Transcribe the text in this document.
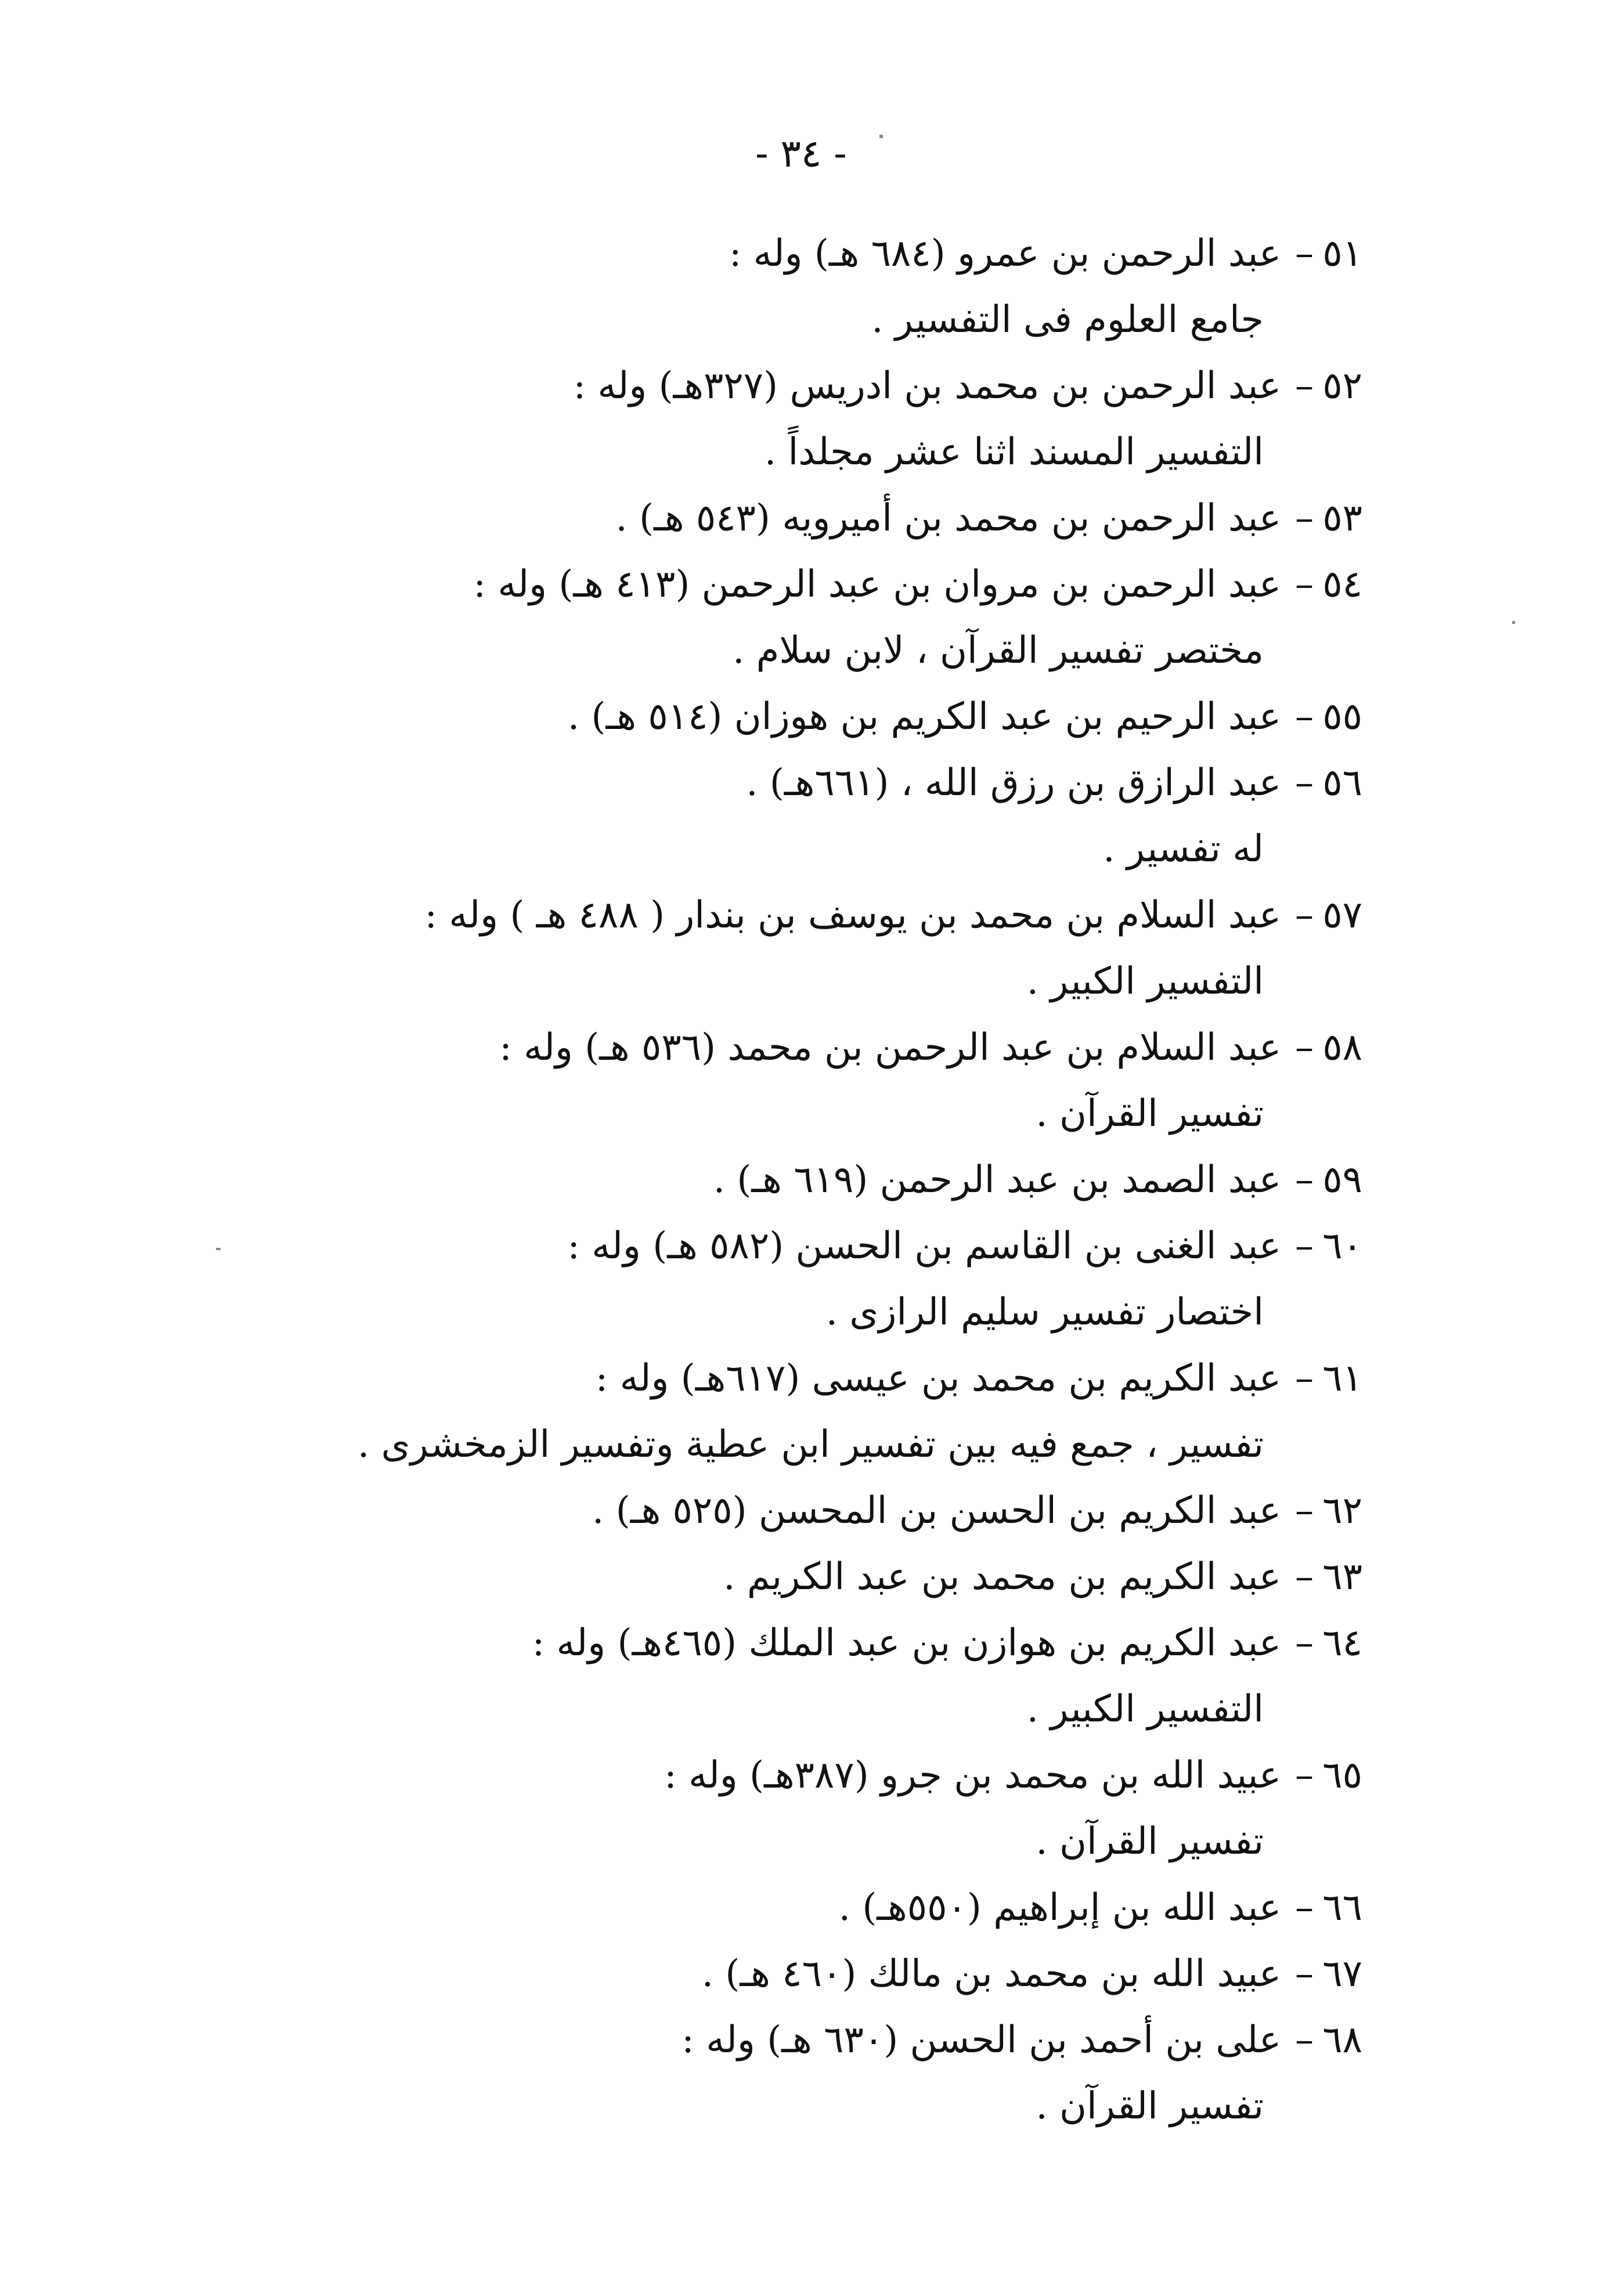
- ٣٤ -
٥١
–
عبد الرحمن بن عمرو (٦٨٤ هـ) وله :
جامع العلوم فى التفسير .
٥٢
–
عبد الرحمن بن محمد بن ادريس (٣٢٧هـ) وله :
التفسير المسند اثنا عشر مجلداً .
٥٣
–
عبد الرحمن بن محمد بن أميرويه (٥٤٣ هـ) .
٥٤
–
عبد الرحمن بن مروان بن عبد الرحمن (٤١٣ هـ) وله :
مختصر تفسير القرآن ، لابن سلام .
٥٥
–
عبد الرحيم بن عبد الكريم بن هوزان (٥١٤ هـ) .
٥٦
–
عبد الرازق بن رزق الله ، (٦٦١هـ) .
له تفسير .
٥٧
–
عبد السلام بن محمد بن يوسف بن بندار ( ٤٨٨ هـ ) وله :
التفسير الكبير .
٥٨
–
عبد السلام بن عبد الرحمن بن محمد (٥٣٦ هـ) وله :
تفسير القرآن .
٥٩
–
عبد الصمد بن عبد الرحمن (٦١٩ هـ) .
٦٠
–
عبد الغنى بن القاسم بن الحسن (٥٨٢ هـ) وله :
اختصار تفسير سليم الرازى .
٦١
–
عبد الكريم بن محمد بن عيسى (٦١٧هـ) وله :
تفسير ، جمع فيه بين تفسير ابن عطية وتفسير الزمخشرى .
٦٢
–
عبد الكريم بن الحسن بن المحسن (٥٢٥ هـ) .
٦٣
–
عبد الكريم بن محمد بن عبد الكريم .
٦٤
–
عبد الكريم بن هوازن بن عبد الملك (٤٦٥هـ) وله :
التفسير الكبير .
٦٥
–
عبيد الله بن محمد بن جرو (٣٨٧هـ) وله :
تفسير القرآن .
٦٦
–
عبد الله بن إبراهيم (٥٥٠هـ) .
٦٧
–
عبيد الله بن محمد بن مالك (٤٦٠ هـ) .
٦٨
–
على بن أحمد بن الحسن (٦٣٠ هـ) وله :
تفسير القرآن .
